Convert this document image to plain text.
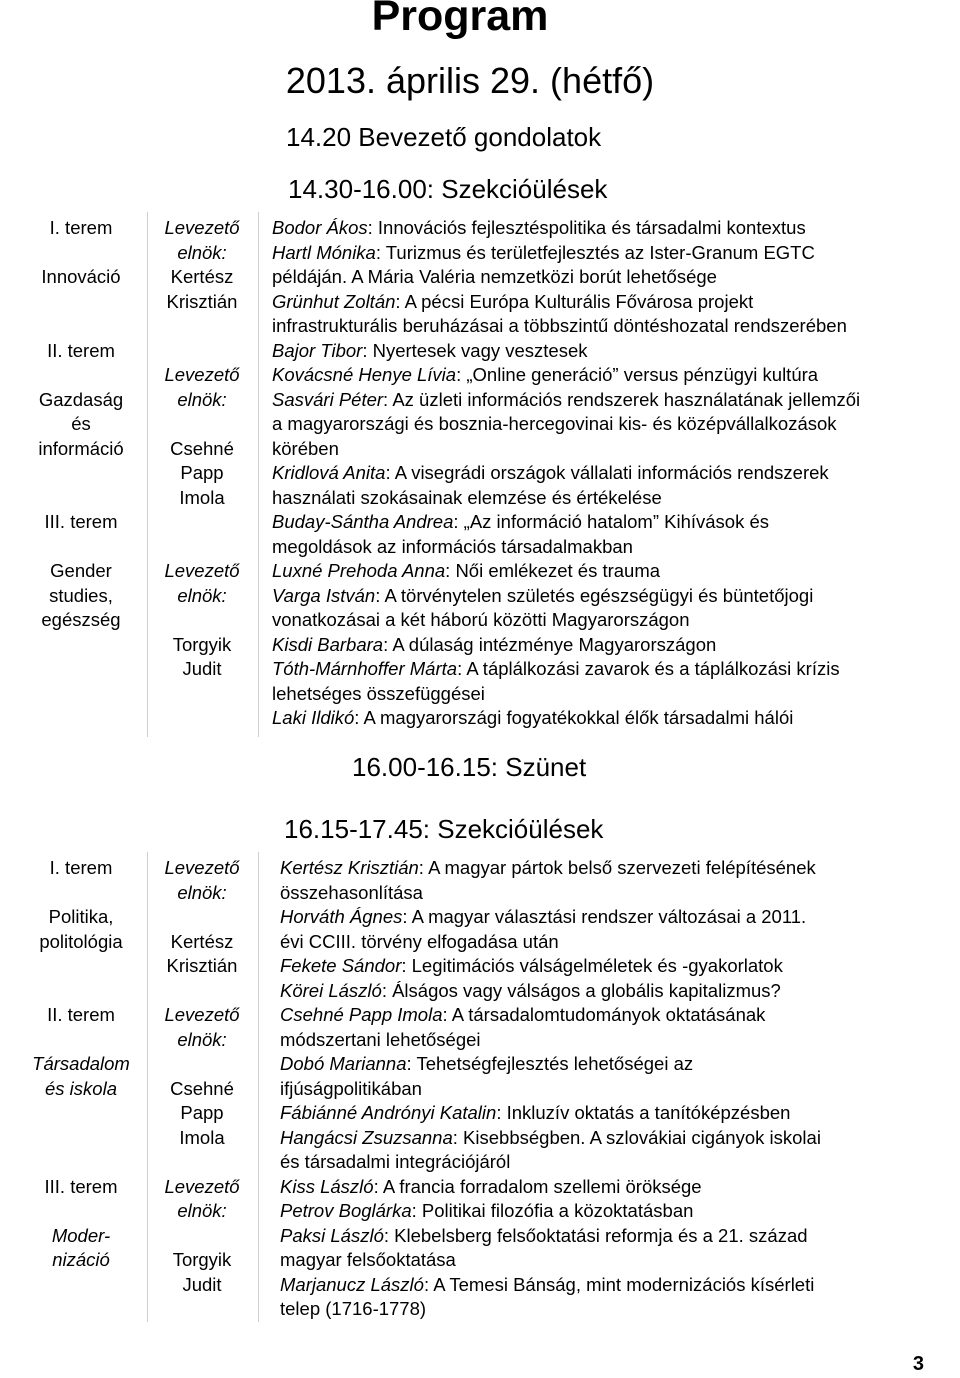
Program
2013. április 29. (hétfő)
14.20 Bevezető gondolatok
14.30-16.00: Szekcióülések
I. terem
Innováció
II. terem
Gazdaság
és
információ
III. terem
Gender
studies,
egészség
Levezető
elnök:
Kertész
Krisztián
Levezető
elnök:
Csehné
Papp
Imola
Levezető
elnök:
Torgyik
Judit
Bodor Ákos: Innovációs fejlesztéspolitika és társadalmi kontextus
Hartl Mónika: Turizmus és területfejlesztés az Ister-Granum EGTC
példáján. A Mária Valéria nemzetközi borút lehetősége
Grünhut Zoltán: A pécsi Európa Kulturális Fővárosa projekt
infrastrukturális beruházásai a többszintű döntéshozatal rendszerében
Bajor Tibor: Nyertesek vagy vesztesek
Kovácsné Henye Lívia: „Online generáció” versus pénzügyi kultúra
Sasvári Péter: Az üzleti információs rendszerek használatának jellemzői
a magyarországi és bosznia-hercegovinai kis- és középvállalkozások
körében
Kridlová Anita: A visegrádi országok vállalati információs rendszerek
használati szokásainak elemzése és értékelése
Buday-Sántha Andrea: „Az információ hatalom” Kihívások és
megoldások az információs társadalmakban
Luxné Prehoda Anna: Női emlékezet és trauma
Varga István: A törvénytelen születés egészségügyi és büntetőjogi
vonatkozásai a két háború közötti Magyarországon
Kisdi Barbara: A dúlaság intézménye Magyarországon
Tóth-Márnhoffer Márta: A táplálkozási zavarok és a táplálkozási krízis
lehetséges összefüggései
Laki Ildikó: A magyarországi fogyatékokkal élők társadalmi hálói
16.00-16.15: Szünet
16.15-17.45: Szekcióülések
I. terem
Politika,
politológia
II. terem
Társadalom
és iskola
III. terem
Moder-
nizáció
Levezető
elnök:
Kertész
Krisztián
Levezető
elnök:
Csehné
Papp
Imola
Levezető
elnök:
Torgyik
Judit
Kertész Krisztián: A magyar pártok belső szervezeti felépítésének
összehasonlítása
Horváth Ágnes: A magyar választási rendszer változásai a 2011.
évi CCIII. törvény elfogadása után
Fekete Sándor: Legitimációs válságelméletek és -gyakorlatok
Körei László: Álságos vagy válságos a globális kapitalizmus?
Csehné Papp Imola: A társadalomtudományok oktatásának
módszertani lehetőségei
Dobó Marianna: Tehetségfejlesztés lehetőségei az
ifjúságpolitikában
Fábiánné Andrónyi Katalin: Inkluzív oktatás a tanítóképzésben
Hangácsi Zsuzsanna: Kisebbségben. A szlovákiai cigányok iskolai
és társadalmi integrációjáról
Kiss László: A francia forradalom szellemi öröksége
Petrov Boglárka: Politikai filozófia a közoktatásban
Paksi László: Klebelsberg felsőoktatási reformja és a 21. század
magyar felsőoktatása
Marjanucz László: A Temesi Bánság, mint modernizációs kísérleti
telep (1716-1778)
3
